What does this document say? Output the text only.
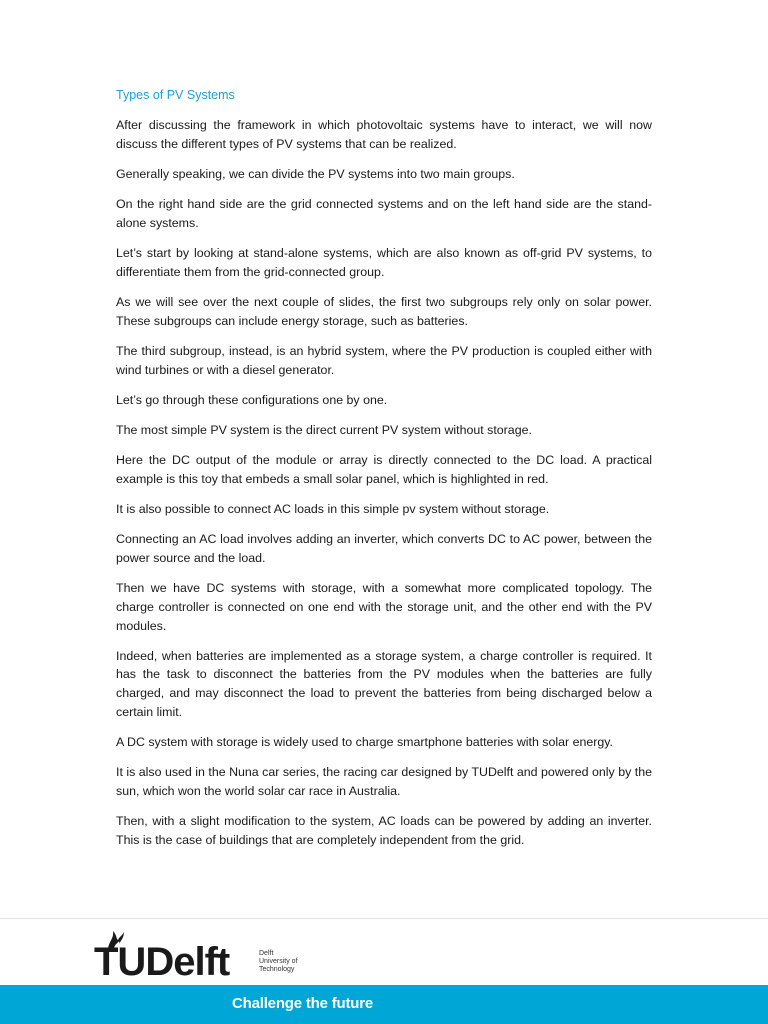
Types of PV Systems

After discussing the framework in which photovoltaic systems have to interact, we will now discuss the different types of PV systems that can be realized.

Generally speaking, we can divide the PV systems into two main groups.

On the right hand side are the grid connected systems and on the left hand side are the stand-alone systems.

Let’s start by looking at stand-alone systems, which are also known as off-grid PV systems, to differentiate them from the grid-connected group.

As we will see over the next couple of slides, the first two subgroups rely only on solar power. These subgroups can include energy storage, such as batteries.

The third subgroup, instead, is an hybrid system, where the PV production is coupled either with wind turbines or with a diesel generator.

Let’s go through these configurations one by one.

The most simple PV system is the direct current PV system without storage.

Here the DC output of the module or array is directly connected to the DC load. A practical example is this toy that embeds a small solar panel, which is highlighted in red.

It is also possible to connect AC loads in this simple pv system without storage.

Connecting an AC load involves adding an inverter, which converts DC to AC power, between the power source and the load.

Then we have DC systems with storage, with a somewhat more complicated topology. The charge controller is connected on one end with the storage unit, and the other end with the PV modules.

Indeed, when batteries are implemented as a storage system, a charge controller is required. It has the task to disconnect the batteries from the PV modules when the batteries are fully charged, and may disconnect the load to prevent the batteries from being discharged below a certain limit.

A DC system with storage is widely used to charge smartphone batteries with solar energy.

It is also used in the Nuna car series, the racing car designed by TUDelft and powered only by the sun, which won the world solar car race in Australia.

Then, with a slight modification to the system, AC loads can be powered by adding an inverter. This is the case of buildings that are completely independent from the grid.

TUDelft	Delft
University of
Technology
Challenge the future
